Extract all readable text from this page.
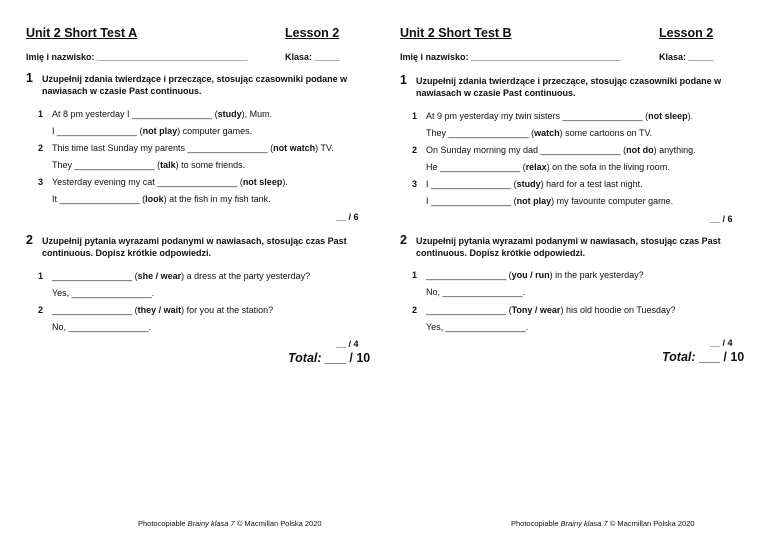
Unit 2 Short Test A	Lesson 2
Imię i nazwisko: ______________________________	Klasa: _____
1 Uzupełnij zdania twierdzące i przeczące, stosując czasowniki podane w nawiasach w czasie Past continuous.
1 At 8 pm yesterday I ________________ (study), Mum.
I ________________ (not play) computer games.
2 This time last Sunday my parents ________________ (not watch) TV.
They ________________ (talk) to some friends.
3 Yesterday evening my cat ________________ (not sleep).
It ________________ (look) at the fish in my fish tank.
__ / 6
2 Uzupełnij pytania wyrazami podanymi w nawiasach, stosując czas Past continuous. Dopisz krótkie odpowiedzi.
1 ________________ (she / wear) a dress at the party yesterday?
Yes, ________________.
2 ________________ (they / wait) for you at the station?
No, ________________.
__ / 4
Total: ___ / 10
Unit 2 Short Test B	Lesson 2
Imię i nazwisko: ______________________________	Klasa: _____
1 Uzupełnij zdania twierdzące i przeczące, stosując czasowniki podane w nawiasach w czasie Past continuous.
1 At 9 pm yesterday my twin sisters ________________ (not sleep).
They ________________ (watch) some cartoons on TV.
2 On Sunday morning my dad ________________ (not do) anything.
He ________________ (relax) on the sofa in the living room.
3 I ________________ (study) hard for a test last night.
I ________________ (not play) my favourite computer game.
__ / 6
2 Uzupełnij pytania wyrazami podanymi w nawiasach, stosując czas Past continuous. Dopisz krótkie odpowiedzi.
1 ________________ (you / run) in the park yesterday?
No, ________________.
2 ________________ (Tony / wear) his old hoodie on Tuesday?
Yes, ________________.
__ / 4
Total: ___ / 10
Photocopiable Brainy klasa 7 © Macmillan Polska 2020	Photocopiable Brainy klasa 7 © Macmillan Polska 2020
